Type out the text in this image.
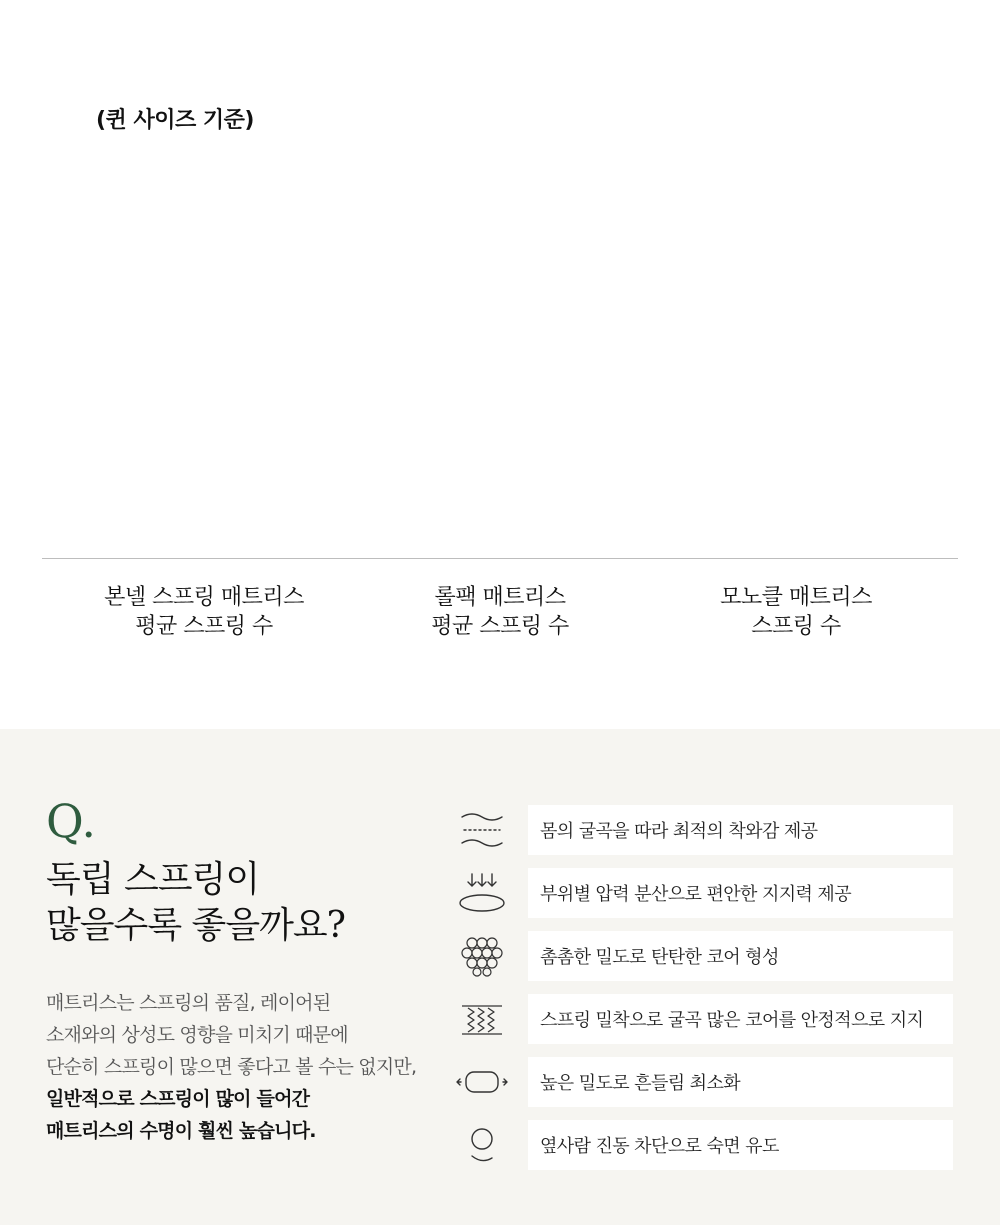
(퀸 사이즈 기준)
본넬 스프링 매트리스
평균 스프링 수
롤팩 매트리스
평균 스프링 수
모노클 매트리스
스프링 수
Q.
독립 스프링이
많을수록 좋을까요?
매트리스는 스프링의 품질, 레이어된
소재와의 상성도 영향을 미치기 때문에
단순히 스프링이 많으면 좋다고 볼 수는 없지만,
일반적으로 스프링이 많이 들어간
매트리스의 수명이 훨씬 높습니다.
몸의 굴곡을 따라 최적의 착와감 제공
부위별 압력 분산으로 편안한 지지력 제공
촘촘한 밀도로 탄탄한 코어 형성
스프링 밀착으로 굴곡 많은 코어를 안정적으로 지지
높은 밀도로 흔들림 최소화
옆사람 진동 차단으로 숙면 유도
